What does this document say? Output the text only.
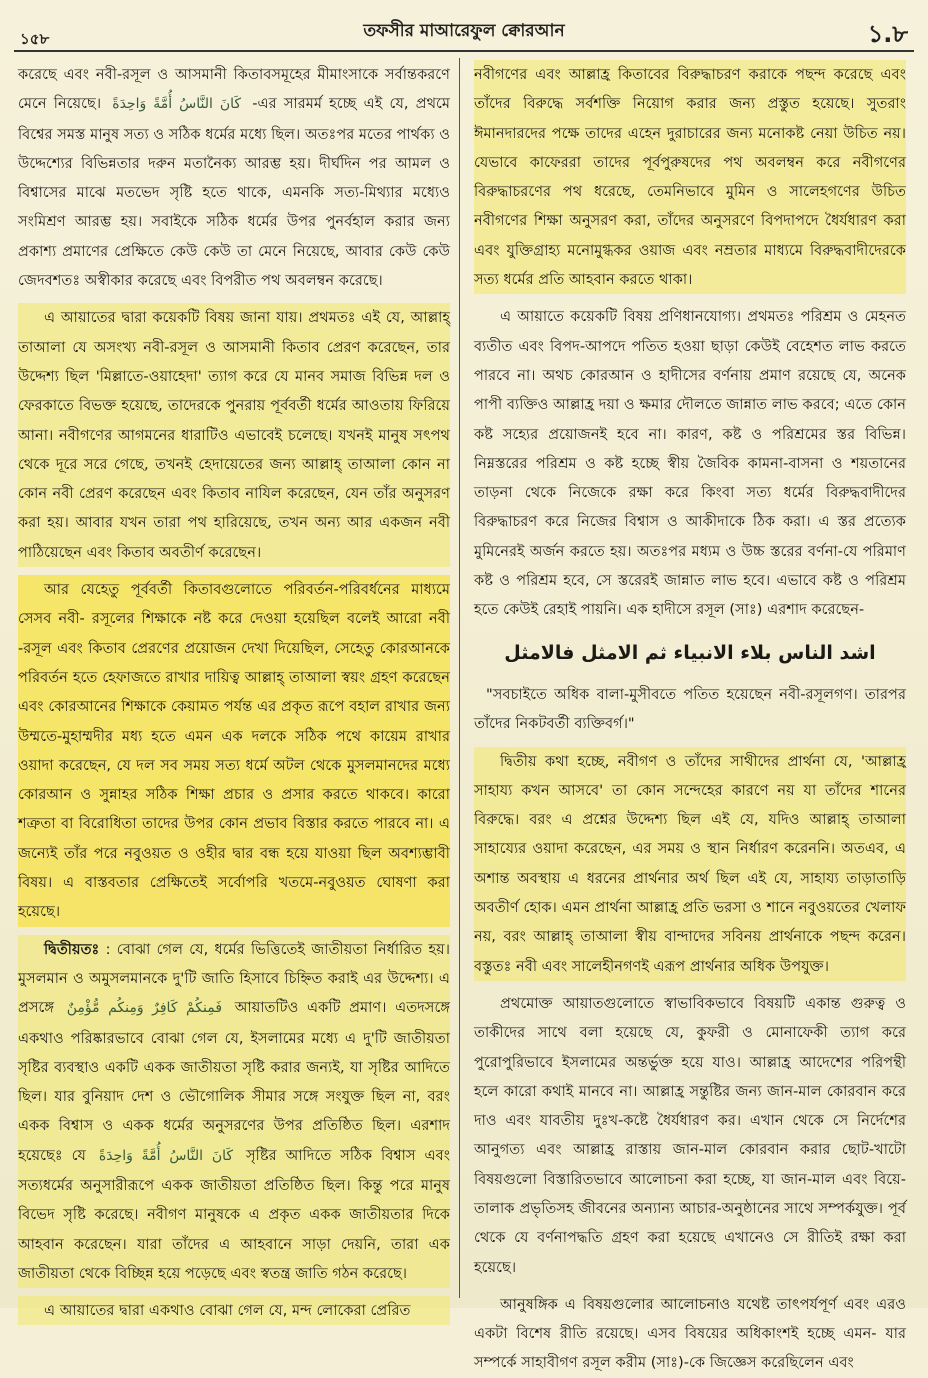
১৫৮	তফসীর মাআরেফুল ক্বোরআন	১.৮

করেছে এবং নবী-রসূল ও আসমানী কিতাবসমূহের মীমাংসাকে সর্বান্তকরণে মেনে নিয়েছে। كَانَ النَّاسُ أُمَّةً وَاحِدَةً -এর সারমর্ম হচ্ছে এই যে, প্রথমে বিশ্বের সমস্ত মানুষ সত্য ও সঠিক ধর্মের মধ্যে ছিল। অতঃপর মতের পার্থক্য ও উদ্দেশ্যের বিভিন্নতার দরুন মতানৈক্য আরম্ভ হয়। দীর্ঘদিন পর আমল ও বিশ্বাসের মাঝে মতভেদ সৃষ্টি হতে থাকে, এমনকি সত্য-মিথ্যার মধ্যেও সংমিশ্রণ আরম্ভ হয়। সবাইকে সঠিক ধর্মের উপর পুনর্বহাল করার জন্য প্রকাশ্য প্রমাণের প্রেক্ষিতে কেউ কেউ তা মেনে নিয়েছে, আবার কেউ কেউ জেদবশতঃ অস্বীকার করেছে এবং বিপরীত পথ অবলম্বন করেছে।

এ আয়াতের দ্বারা কয়েকটি বিষয় জানা যায়। প্রথমতঃ এই যে, আল্লাহ্ তাআলা যে অসংখ্য নবী-রসূল ও আসমানী কিতাব প্রেরণ করেছেন, তার উদ্দেশ্য ছিল 'মিল্লাতে-ওয়াহেদা' ত্যাগ করে যে মানব সমাজ বিভিন্ন দল ও ফেরকাতে বিভক্ত হয়েছে, তাদেরকে পুনরায় পূর্ববর্তী ধর্মের আওতায় ফিরিয়ে আনা। নবীগণের আগমনের ধারাটিও এভাবেই চলেছে। যখনই মানুষ সৎপথ থেকে দূরে সরে গেছে, তখনই হেদায়েতের জন্য আল্লাহ্ তাআলা কোন না কোন নবী প্রেরণ করেছেন এবং কিতাব নাযিল করেছেন, যেন তাঁর অনুসরণ করা হয়। আবার যখন তারা পথ হারিয়েছে, তখন অন্য আর একজন নবী পাঠিয়েছেন এবং কিতাব অবতীর্ণ করেছেন।

আর যেহেতু পূর্ববর্তী কিতাবগুলোতে পরিবর্তন-পরিবর্ধনের মাধ্যমে সেসব নবী- রসূলের শিক্ষাকে নষ্ট করে দেওয়া হয়েছিল বলেই আরো নবী -রসূল এবং কিতাব প্রেরণের প্রয়োজন দেখা দিয়েছিল, সেহেতু কোরআনকে পরিবর্তন হতে হেফাজতে রাখার দায়িত্ব আল্লাহ্ তাআলা স্বয়ং গ্রহণ করেছেন এবং কোরআনের শিক্ষাকে কেয়ামত পর্যন্ত এর প্রকৃত রূপে বহাল রাখার জন্য উম্মতে-মুহাম্মদীর মধ্য হতে এমন এক দলকে সঠিক পথে কায়েম রাখার ওয়াদা করেছেন, যে দল সব সময় সত্য ধর্মে অটল থেকে মুসলমানদের মধ্যে কোরআন ও সুন্নাহর সঠিক শিক্ষা প্রচার ও প্রসার করতে থাকবে। কারো শত্রুতা বা বিরোধিতা তাদের উপর কোন প্রভাব বিস্তার করতে পারবে না। এ জন্যেই তাঁর পরে নবুওয়ত ও ওহীর দ্বার বন্ধ হয়ে যাওয়া ছিল অবশ্যম্ভাবী বিষয়। এ বাস্তবতার প্রেক্ষিতেই সর্বোপরি খতমে-নবুওয়ত ঘোষণা করা হয়েছে।

দ্বিতীয়তঃ : বোঝা গেল যে, ধর্মের ভিত্তিতেই জাতীয়তা নির্ধারিত হয়। মুসলমান ও অমুসলমানকে দু'টি জাতি হিসাবে চিহ্নিত করাই এর উদ্দেশ্য। এ প্রসঙ্গে فَمِنكُمْ كَافِرٌ وَمِنكُم مُّؤْمِنٌ আয়াতটিও একটি প্রমাণ। এতদসঙ্গে একথাও পরিষ্কারভাবে বোঝা গেল যে, ইসলামের মধ্যে এ দু'টি জাতীয়তা সৃষ্টির ব্যবস্থাও একটি একক জাতীয়তা সৃষ্টি করার জন্যই, যা সৃষ্টির আদিতে ছিল। যার বুনিয়াদ দেশ ও ভৌগোলিক সীমার সঙ্গে সংযুক্ত ছিল না, বরং একক বিশ্বাস ও একক ধর্মের অনুসরণের উপর প্রতিষ্ঠিত ছিল। এরশাদ হয়েছেঃ যে كَانَ النَّاسُ أُمَّةً وَاحِدَةً সৃষ্টির আদিতে সঠিক বিশ্বাস এবং সত্যধর্মের অনুসারীরূপে একক জাতীয়তা প্রতিষ্ঠিত ছিল। কিন্তু পরে মানুষ বিভেদ সৃষ্টি করেছে। নবীগণ মানুষকে এ প্রকৃত একক জাতীয়তার দিকে আহবান করেছেন। যারা তাঁদের এ আহবানে সাড়া দেয়নি, তারা এক জাতীয়তা থেকে বিচ্ছিন্ন হয়ে পড়েছে এবং স্বতন্ত্র জাতি গঠন করেছে।

এ আয়াতের দ্বারা একথাও বোঝা গেল যে, মন্দ লোকেরা প্রেরিত

নবীগণের এবং আল্লাহ্র কিতাবের বিরুদ্ধাচরণ করাকে পছন্দ করেছে এবং তাঁদের বিরুদ্ধে সর্বশক্তি নিয়োগ করার জন্য প্রস্তুত হয়েছে। সুতরাং ঈমানদারদের পক্ষে তাদের এহেন দুরাচারের জন্য মনোকষ্ট নেয়া উচিত নয়। যেভাবে কাফেররা তাদের পূর্বপুরুষদের পথ অবলম্বন করে নবীগণের বিরুদ্ধাচরণের পথ ধরেছে, তেমনিভাবে মুমিন ও সালেহগণের উচিত নবীগণের শিক্ষা অনুসরণ করা, তাঁদের অনুসরণে বিপদাপদে ধৈর্যধারণ করা এবং যুক্তিগ্রাহ্য মনোমুগ্ধকর ওয়াজ এবং নম্রতার মাধ্যমে বিরুদ্ধবাদীদেরকে সত্য ধর্মের প্রতি আহবান করতে থাকা।

এ আয়াতে কয়েকটি বিষয় প্রণিধানযোগ্য। প্রথমতঃ পরিশ্রম ও মেহনত ব্যতীত এবং বিপদ-আপদে পতিত হওয়া ছাড়া কেউই বেহেশত লাভ করতে পারবে না। অথচ কোরআন ও হাদীসের বর্ণনায় প্রমাণ রয়েছে যে, অনেক পাপী ব্যক্তিও আল্লাহ্র দয়া ও ক্ষমার দৌলতে জান্নাত লাভ করবে; এতে কোন কষ্ট সহ্যের প্রয়োজনই হবে না। কারণ, কষ্ট ও পরিশ্রমের স্তর বিভিন্ন। নিম্নস্তরের পরিশ্রম ও কষ্ট হচ্ছে স্বীয় জৈবিক কামনা-বাসনা ও শয়তানের তাড়না থেকে নিজেকে রক্ষা করে কিংবা সত্য ধর্মের বিরুদ্ধবাদীদের বিরুদ্ধাচরণ করে নিজের বিশ্বাস ও আকীদাকে ঠিক করা। এ স্তর প্রত্যেক মুমিনেরই অর্জন করতে হয়। অতঃপর মধ্যম ও উচ্চ স্তরের বর্ণনা-যে পরিমাণ কষ্ট ও পরিশ্রম হবে, সে স্তরেরই জান্নাত লাভ হবে। এভাবে কষ্ট ও পরিশ্রম হতে কেউই রেহাই পায়নি। এক হাদীসে রসূল (সাঃ) এরশাদ করেছেন-

اشد الناس بلاء الانبياء ثم الامثل فالامثل

"সবচাইতে অধিক বালা-মুসীবতে পতিত হয়েছেন নবী-রসূলগণ। তারপর তাঁদের নিকটবর্তী ব্যক্তিবর্গ।"

দ্বিতীয় কথা হচ্ছে, নবীগণ ও তাঁদের সাথীদের প্রার্থনা যে, 'আল্লাহ্র সাহায্য কখন আসবে' তা কোন সন্দেহের কারণে নয় যা তাঁদের শানের বিরুদ্ধে। বরং এ প্রশ্নের উদ্দেশ্য ছিল এই যে, যদিও আল্লাহ্ তাআলা সাহায্যের ওয়াদা করেছেন, এর সময় ও স্থান নির্ধারণ করেননি। অতএব, এ অশান্ত অবস্থায় এ ধরনের প্রার্থনার অর্থ ছিল এই যে, সাহায্য তাড়াতাড়ি অবতীর্ণ হোক। এমন প্রার্থনা আল্লাহ্র প্রতি ভরসা ও শানে নবুওয়তের খেলাফ নয়, বরং আল্লাহ্ তাআলা স্বীয় বান্দাদের সবিনয় প্রার্থনাকে পছন্দ করেন। বস্তুতঃ নবী এবং সালেহীনগণই এরূপ প্রার্থনার অধিক উপযুক্ত।

প্রথমোক্ত আয়াতগুলোতে স্বাভাবিকভাবে বিষয়টি একান্ত গুরুত্ব ও তাকীদের সাথে বলা হয়েছে যে, কুফরী ও মোনাফেকী ত্যাগ করে পুরোপুরিভাবে ইসলামের অন্তর্ভুক্ত হয়ে যাও। আল্লাহ্র আদেশের পরিপন্থী হলে কারো কথাই মানবে না। আল্লাহ্র সন্তুষ্টির জন্য জান-মাল কোরবান করে দাও এবং যাবতীয় দুঃখ-কষ্টে ধৈর্যধারণ কর। এখান থেকে সে নির্দেশের আনুগত্য এবং আল্লাহ্র রাস্তায় জান-মাল কোরবান করার ছোট-খাটো বিষয়গুলো বিস্তারিতভাবে আলোচনা করা হচ্ছে, যা জান-মাল এবং বিয়ে-তালাক প্রভৃতিসহ জীবনের অন্যান্য আচার-অনুষ্ঠানের সাথে সম্পর্কযুক্ত। পূর্ব থেকে যে বর্ণনাপদ্ধতি গ্রহণ করা হয়েছে এখানেও সে রীতিই রক্ষা করা হয়েছে।

আনুষঙ্গিক এ বিষয়গুলোর আলোচনাও যথেষ্ট তাৎপর্যপূর্ণ এবং এরও একটা বিশেষ রীতি রয়েছে। এসব বিষয়ের অধিকাংশই হচ্ছে এমন- যার সম্পর্কে সাহাবীগণ রসূল করীম (সাঃ)-কে জিজ্ঞেস করেছিলেন এবং
